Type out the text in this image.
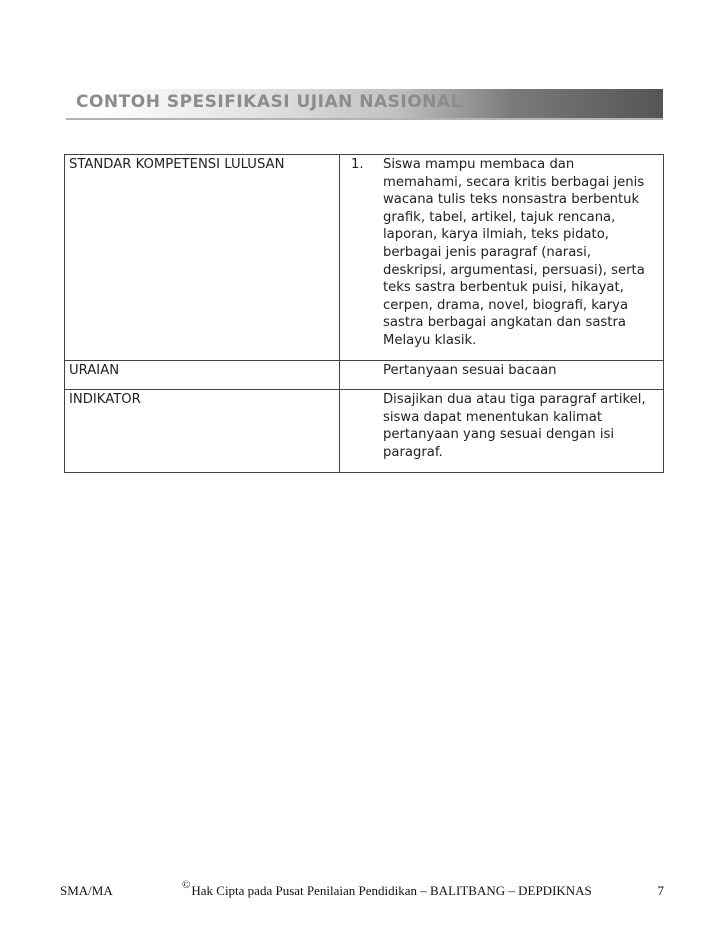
CONTOH SPESIFIKASI UJIAN NASIONAL
STANDAR KOMPETENSI LULUSAN	1.	Siswa mampu membaca dan memahami, secara kritis berbagai jenis wacana tulis teks nonsastra berbentuk grafik, tabel, artikel, tajuk rencana, laporan, karya ilmiah, teks pidato, berbagai jenis paragraf (narasi, deskripsi, argumentasi, persuasi), serta teks sastra berbentuk puisi, hikayat, cerpen, drama, novel, biografi, karya sastra berbagai angkatan dan sastra Melayu klasik.
URAIAN		Pertanyaan sesuai bacaan
INDIKATOR		Disajikan dua atau tiga paragraf artikel, siswa dapat menentukan kalimat pertanyaan yang sesuai dengan isi paragraf.
SMA/MA	©Hak Cipta pada Pusat Penilaian Pendidikan – BALITBANG – DEPDIKNAS	7
